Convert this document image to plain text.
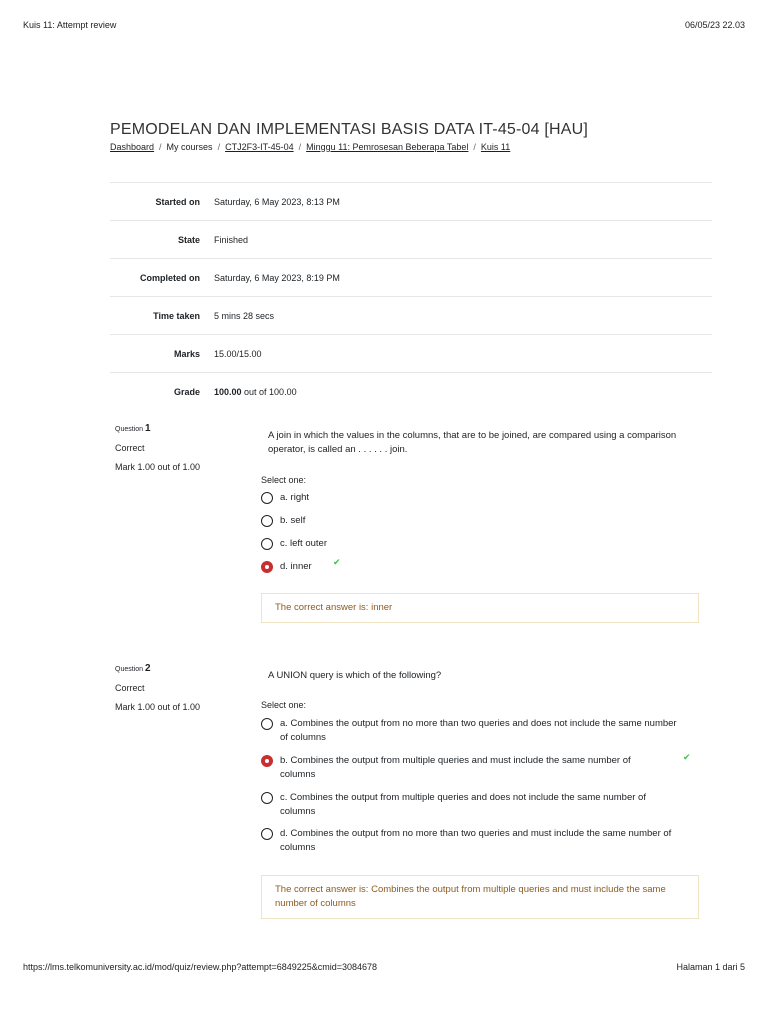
Kuis 11: Attempt review	06/05/23 22.03
PEMODELAN DAN IMPLEMENTASI BASIS DATA IT-45-04 [HAU]
Dashboard / My courses / CTJ2F3-IT-45-04 / Minggu 11: Pemrosesan Beberapa Tabel / Kuis 11
Started on Saturday, 6 May 2023, 8:13 PM
State Finished
Completed on Saturday, 6 May 2023, 8:19 PM
Time taken 5 mins 28 secs
Marks 15.00/15.00
Grade 100.00 out of 100.00
Question 1
Correct
Mark 1.00 out of 1.00
A join in which the values in the columns, that are to be joined, are compared using a comparison operator, is called an . . . . . . join.
Select one:
a. right
b. self
c. left outer
d. inner ✔
The correct answer is: inner
Question 2
Correct
Mark 1.00 out of 1.00
A UNION query is which of the following?
Select one:
a. Combines the output from no more than two queries and does not include the same number of columns
b. Combines the output from multiple queries and must include the same number of columns
✔
c. Combines the output from multiple queries and does not include the same number of columns
d. Combines the output from no more than two queries and must include the same number of columns
The correct answer is: Combines the output from multiple queries and must include the same number of columns
https://lms.telkomuniversity.ac.id/mod/quiz/review.php?attempt=6849225&cmid=3084678	Halaman 1 dari 5
